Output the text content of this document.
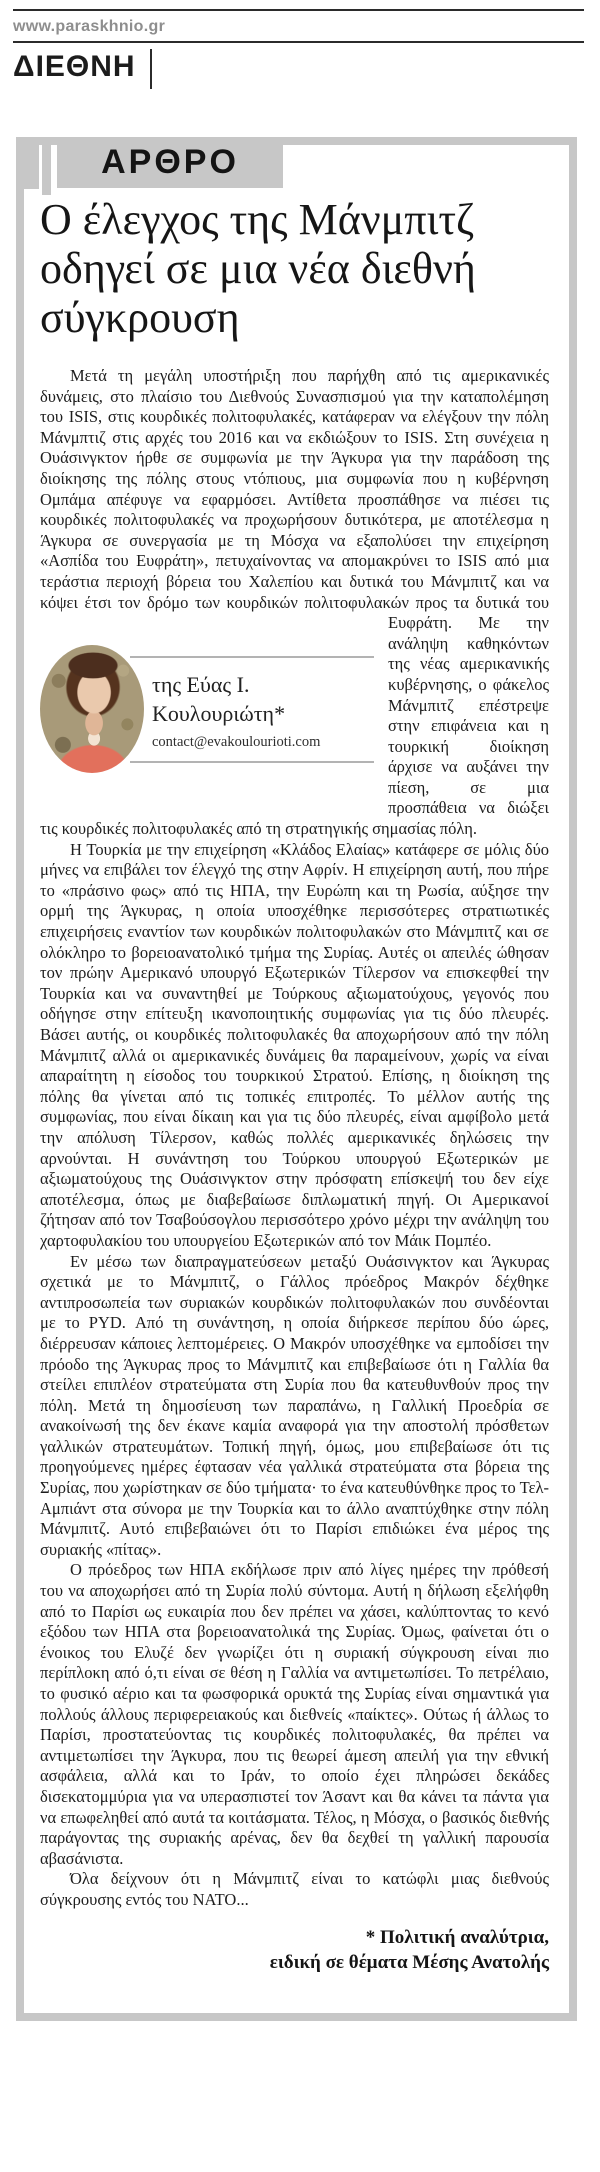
www.paraskhnio.gr
ΔΙΕΘΝΗ
ΑΡΘΡΟ
Ο έλεγχος της Μάνμπιτζ οδηγεί σε μια νέα διεθνή σύγκρουση

Μετά τη μεγάλη υποστήριξη που παρήχθη από τις αμερικανικές δυνάμεις, στο πλαίσιο του Διεθνούς Συνασπισμού για την καταπολέμηση του ISIS, στις κουρδικές πολιτοφυλακές, κατάφεραν να ελέγξουν την πόλη Μάνμπτιζ στις αρχές του 2016 και να εκδιώξουν το ISIS. Στη συνέχεια η Ουάσινγκτον ήρθε σε συμφωνία με την Άγκυρα για την παράδοση της διοίκησης της πόλης στους ντόπιους, μια συμφωνία που η κυβέρνηση Ομπάμα απέφυγε να εφαρμόσει. Αντίθετα προσπάθησε να πιέσει τις κουρδικές πολιτοφυλακές να προχωρήσουν δυτικότερα, με αποτέλεσμα η Άγκυρα σε συνεργασία με τη Μόσχα να εξαπολύσει την επιχείρηση «Ασπίδα του Ευφράτη», πετυχαίνοντας να απομακρύνει το ISIS από μια τεράστια περιοχή βόρεια του Χαλεπίου και δυτικά του Μάνμπιτζ και να κόψει έτσι τον δρόμο των
της Εύας Ι.
Κουλουριώτη*
contact@evakoulourioti.com
κουρδικών πολιτοφυλακών προς τα δυτικά του Ευφράτη. Με την ανάληψη καθηκόντων της νέας αμερικανικής κυβέρνησης, ο φάκελος Μάνμπιτζ επέστρεψε στην επιφάνεια και η τουρκική διοίκηση άρχισε να αυξάνει την πίεση, σε μια προσπάθεια να διώξει τις κουρδικές πολιτοφυλακές από τη στρατηγικής σημασίας πόλη.

Η Τουρκία με την επιχείρηση «Κλάδος Ελαίας» κατάφερε σε μόλις δύο μήνες να επιβάλει τον έλεγχό της στην Αφρίν. Η επιχείρηση αυτή, που πήρε το «πράσινο φως» από τις ΗΠΑ, την Ευρώπη και τη Ρωσία, αύξησε την ορμή της Άγκυρας, η οποία υποσχέθηκε περισσότερες στρατιωτικές επιχειρήσεις εναντίον των κουρδικών πολιτοφυλακών στο Μάνμπιτζ και σε ολόκληρο το βορειοανατολικό τμήμα της Συρίας. Αυτές οι απειλές ώθησαν τον πρώην Αμερικανό υπουργό Εξωτερικών Τίλερσον να επισκεφθεί την Τουρκία και να συναντηθεί με Τούρκους αξιωματούχους, γεγονός που οδήγησε στην επίτευξη ικανοποιητικής συμφωνίας για τις δύο πλευρές. Βάσει αυτής, οι κουρδικές πολιτοφυλακές θα αποχωρήσουν από την πόλη Μάνμπιτζ αλλά οι αμερικανικές δυνάμεις θα παραμείνουν, χωρίς να είναι απαραίτητη η είσοδος του τουρκικού Στρατού. Επίσης, η διοίκηση της πόλης θα γίνεται από τις τοπικές επιτροπές. Το μέλλον αυτής της συμφωνίας, που είναι δίκαιη και για τις δύο πλευρές, είναι αμφίβολο μετά την απόλυση Τίλερσον, καθώς πολλές αμερικανικές δηλώσεις την αρνούνται. Η συνάντηση του Τούρκου υπουργού Εξωτερικών με αξιωματούχους της Ουάσινγκτον στην πρόσφατη επίσκεψή του δεν είχε αποτέλεσμα, όπως με διαβεβαίωσε διπλωματική πηγή. Οι Αμερικανοί ζήτησαν από τον Τσαβούσογλου περισσότερο χρόνο μέχρι την ανάληψη του χαρτοφυλακίου του υπουργείου Εξωτερικών από τον Μάικ Πομπέο.

Εν μέσω των διαπραγματεύσεων μεταξύ Ουάσινγκτον και Άγκυρας σχετικά με το Μάνμπιτζ, ο Γάλλος πρόεδρος Μακρόν δέχθηκε αντιπροσωπεία των συριακών κουρδικών πολιτοφυλακών που συνδέονται με το PYD. Από τη συνάντηση, η οποία διήρκεσε περίπου δύο ώρες, διέρρευσαν κάποιες λεπτομέρειες. Ο Μακρόν υποσχέθηκε να εμποδίσει την πρόοδο της Άγκυρας προς το Μάνμπιτζ και επιβεβαίωσε ότι η Γαλλία θα στείλει επιπλέον στρατεύματα στη Συρία που θα κατευθυνθούν προς την πόλη. Μετά τη δημοσίευση των παραπάνω, η Γαλλική Προεδρία σε ανακοίνωσή της δεν έκανε καμία αναφορά για την αποστολή πρόσθετων γαλλικών στρατευμάτων. Τοπική πηγή, όμως, μου επιβεβαίωσε ότι τις προηγούμενες ημέρες έφτασαν νέα γαλλικά στρατεύματα στα βόρεια της Συρίας, που χωρίστηκαν σε δύο τμήματα· το ένα κατευθύνθηκε προς το Τελ-Αμπιάντ στα σύνορα με την Τουρκία και το άλλο αναπτύχθηκε στην πόλη Μάνμπιτζ. Αυτό επιβεβαιώνει ότι το Παρίσι επιδιώκει ένα μέρος της συριακής «πίτας».

Ο πρόεδρος των ΗΠΑ εκδήλωσε πριν από λίγες ημέρες την πρόθεσή του να αποχωρήσει από τη Συρία πολύ σύντομα. Αυτή η δήλωση εξελήφθη από το Παρίσι ως ευκαιρία που δεν πρέπει να χάσει, καλύπτοντας το κενό εξόδου των ΗΠΑ στα βορειοανατολικά της Συρίας. Όμως, φαίνεται ότι ο ένοικος του Ελυζέ δεν γνωρίζει ότι η συριακή σύγκρουση είναι πιο περίπλοκη από ό,τι είναι σε θέση η Γαλλία να αντιμετωπίσει. Το πετρέλαιο, το φυσικό αέριο και τα φωσφορικά ορυκτά της Συρίας είναι σημαντικά για πολλούς άλλους περιφερειακούς και διεθνείς «παίκτες». Ούτως ή άλλως το Παρίσι, προστατεύοντας τις κουρδικές πολιτοφυλακές, θα πρέπει να αντιμετωπίσει την Άγκυρα, που τις θεωρεί άμεση απειλή για την εθνική ασφάλεια, αλλά και το Ιράν, το οποίο έχει πληρώσει δεκάδες δισεκατομμύρια για να υπερασπιστεί τον Άσαντ και θα κάνει τα πάντα για να επωφεληθεί από αυτά τα κοιτάσματα. Τέλος, η Μόσχα, ο βασικός διεθνής παράγοντας της συριακής αρένας, δεν θα δεχθεί τη γαλλική παρουσία αβασάνιστα.

Όλα δείχνουν ότι η Μάνμπιτζ είναι το κατώφλι μιας διεθνούς σύγκρουσης εντός του ΝΑΤΟ...

* Πολιτική αναλύτρια,
ειδική σε θέματα Μέσης Ανατολής
